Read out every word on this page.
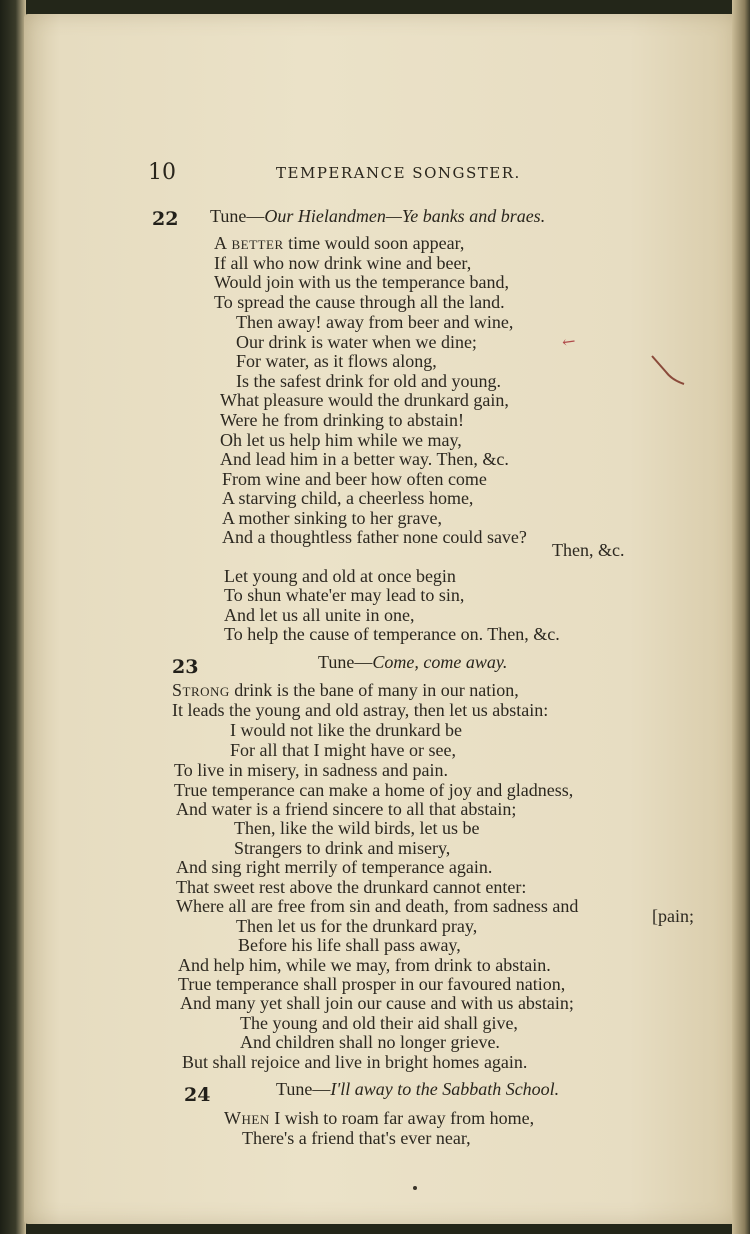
10	TEMPERANCE SONGSTER.
22 Tune—Our Hielandmen—Ye banks and braes.
A better time would soon appear,
If all who now drink wine and beer,
Would join with us the temperance band,
To spread the cause through all the land.
Then away! away from beer and wine,
Our drink is water when we dine;
For water, as it flows along,
Is the safest drink for old and young.
What pleasure would the drunkard gain,
Were he from drinking to abstain!
Oh let us help him while we may,
And lead him in a better way. Then, &c.
From wine and beer how often come
A starving child, a cheerless home,
A mother sinking to her grave,
And a thoughtless father none could save?
Then, &c.
Let young and old at once begin
To shun whate'er may lead to sin,
And let us all unite in one,
To help the cause of temperance on. Then, &c.
23	Tune—Come, come away.
Strong drink is the bane of many in our nation,
It leads the young and old astray, then let us abstain:
I would not like the drunkard be
For all that I might have or see,
To live in misery, in sadness and pain.
True temperance can make a home of joy and gladness,
And water is a friend sincere to all that abstain;
Then, like the wild birds, let us be
Strangers to drink and misery,
And sing right merrily of temperance again.
That sweet rest above the drunkard cannot enter:
Where all are free from sin and death, from sadness and
Then let us for the drunkard pray,	[pain;
Before his life shall pass away,
And help him, while we may, from drink to abstain.
True temperance shall prosper in our favoured nation,
And many yet shall join our cause and with us abstain;
The young and old their aid shall give,
And children shall no longer grieve.
But shall rejoice and live in bright homes again.
24	Tune—I'll away to the Sabbath School.
When I wish to roam far away from home,
There's a friend that's ever near,
←
